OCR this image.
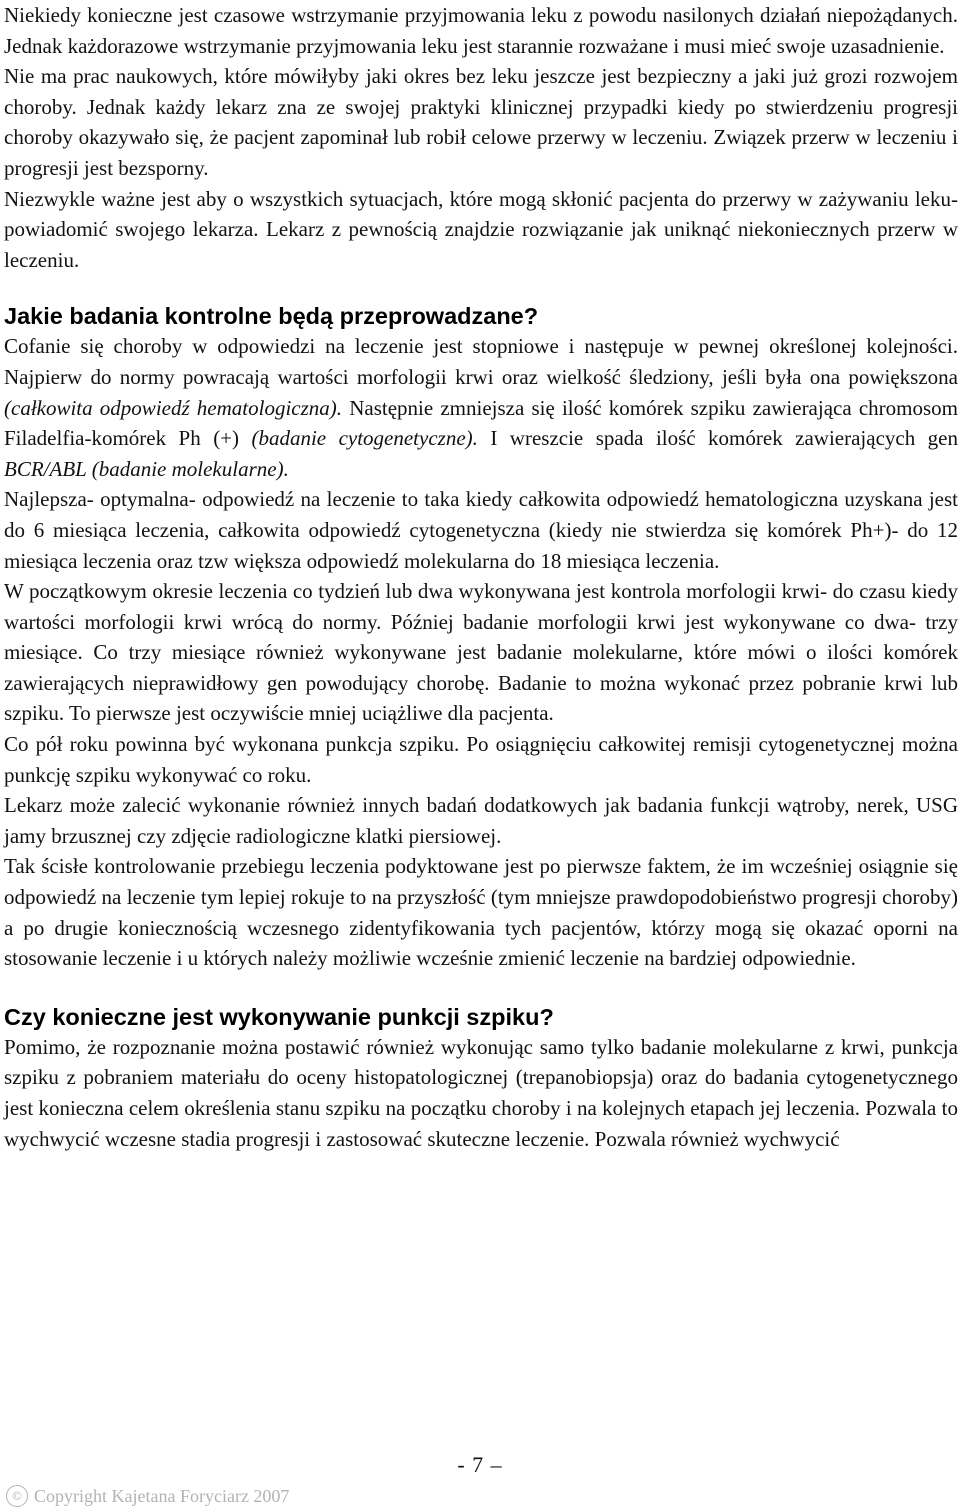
Niekiedy konieczne jest czasowe wstrzymanie przyjmowania leku z powodu nasilonych działań niepożądanych. Jednak każdorazowe wstrzymanie przyjmowania leku jest starannie rozważane i musi mieć swoje uzasadnienie.

Nie ma prac naukowych, które mówiłyby jaki okres bez leku jeszcze jest bezpieczny a jaki już grozi rozwojem choroby. Jednak każdy lekarz zna ze swojej praktyki klinicznej przypadki kiedy po stwierdzeniu progresji choroby okazywało się, że pacjent zapominał lub robił celowe przerwy w leczeniu. Związek przerw w leczeniu i progresji jest bezsporny.

Niezwykle ważne jest aby o wszystkich sytuacjach, które mogą skłonić pacjenta do przerwy w zażywaniu leku- powiadomić swojego lekarza. Lekarz z pewnością znajdzie rozwiązanie jak uniknąć niekoniecznych przerw w leczeniu.

Jakie badania kontrolne będą przeprowadzane?

Cofanie się choroby w odpowiedzi na leczenie jest stopniowe i następuje w pewnej określonej kolejności. Najpierw do normy powracają wartości morfologii krwi oraz wielkość śledziony, jeśli była ona powiększona (całkowita odpowiedź hematologiczna). Następnie zmniejsza się ilość komórek szpiku zawierająca chromosom Filadelfia-komórek Ph (+) (badanie cytogenetyczne). I wreszcie spada ilość komórek zawierających gen BCR/ABL (badanie molekularne).

Najlepsza- optymalna- odpowiedź na leczenie to taka kiedy całkowita odpowiedź hematologiczna uzyskana jest do 6 miesiąca leczenia, całkowita odpowiedź cytogenetyczna (kiedy nie stwierdza się komórek Ph+)- do 12 miesiąca leczenia oraz tzw większa odpowiedź molekularna do 18 miesiąca leczenia.

W początkowym okresie leczenia co tydzień lub dwa wykonywana jest kontrola morfologii krwi- do czasu kiedy wartości morfologii krwi wrócą do normy. Później badanie morfologii krwi jest wykonywane co dwa- trzy miesiące. Co trzy miesiące również wykonywane jest badanie molekularne, które mówi o ilości komórek zawierających nieprawidłowy gen powodujący chorobę. Badanie to można wykonać przez pobranie krwi lub szpiku. To pierwsze jest oczywiście mniej uciążliwe dla pacjenta.

Co pół roku powinna być wykonana punkcja szpiku. Po osiągnięciu całkowitej remisji cytogenetycznej można punkcję szpiku wykonywać co roku.

Lekarz może zalecić wykonanie również innych badań dodatkowych jak badania funkcji wątroby, nerek, USG jamy brzusznej czy zdjęcie radiologiczne klatki piersiowej.

Tak ścisłe kontrolowanie przebiegu leczenia podyktowane jest po pierwsze faktem, że im wcześniej osiągnie się odpowiedź na leczenie tym lepiej rokuje to na przyszłość (tym mniejsze prawdopodobieństwo progresji choroby) a po drugie koniecznością wczesnego zidentyfikowania tych pacjentów, którzy mogą się okazać oporni na stosowanie leczenie i u których należy możliwie wcześnie zmienić leczenie na bardziej odpowiednie.

Czy konieczne jest wykonywanie punkcji szpiku?

Pomimo, że rozpoznanie można postawić również wykonując samo tylko badanie molekularne z krwi, punkcja szpiku z pobraniem materiału do oceny histopatologicznej (trepanobiopsja) oraz do badania cytogenetycznego jest konieczna celem określenia stanu szpiku na początku choroby i na kolejnych etapach jej leczenia. Pozwala to wychwycić wczesne stadia progresji i zastosować skuteczne leczenie. Pozwala również wychwycić

- 7 –
© Copyright Kajetana Foryciarz 2007
